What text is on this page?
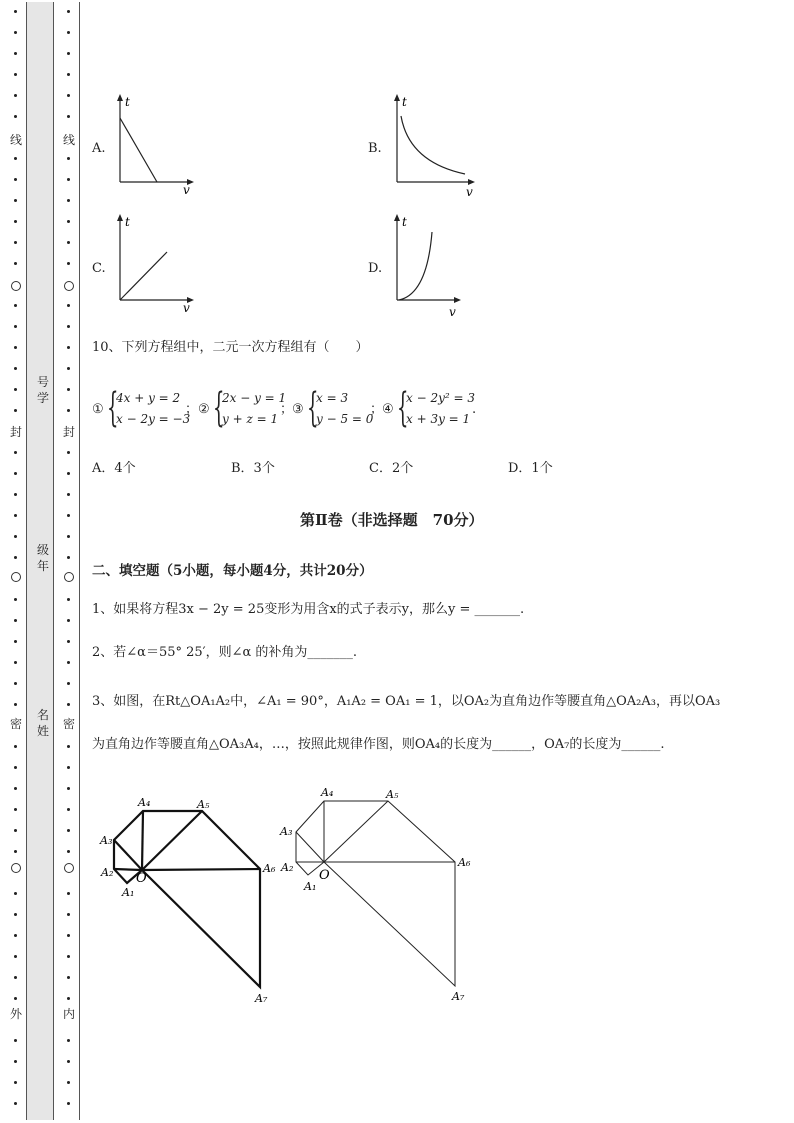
线
封
密
外
线
封
密
内
号学
级年
名姓
A.	B.
C.	D.
t
v
t
v
t
v
t
v
10、下列方程组中，二元一次方程组有（　　）
① {
4x + y = 2
x − 2y = −3
； ② {
2x − y = 1
y + z = 1
；
③ {
x = 3
y − 5 = 0
；
④ {
x − 2y² = 3
x + 3y = 1
.
A．4个	B．3个	C．2个	D．1个
第Ⅱ卷（非选择题　70分）
二、填空题（5小题，每小题4分，共计20分）
1、如果将方程3x − 2y = 25变形为用含x的式子表示y，那么y = _______.
2、若∠α＝55° 25′，则∠α 的补角为_______.
3、如图，在Rt△OA₁A₂中，∠A₁ = 90°，A₁A₂ = OA₁ = 1，以OA₂为直角边作等腰直角△OA₂A₃，再以OA₃
为直角边作等腰直角△OA₃A₄，…，按照此规律作图，则OA₄的长度为______，OA₇的长度为______.
A₁
A₂
A₃
A₄	A₅
A₆
A₇
O
A₁
A₂
A₃
A₄	A₅
A₆
A₇
O
